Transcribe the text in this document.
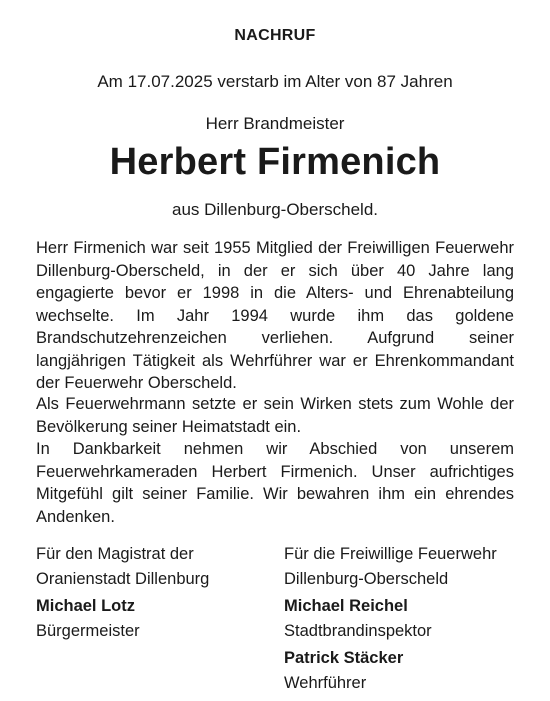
NACHRUF
Am 17.07.2025 verstarb im Alter von 87 Jahren
Herr Brandmeister
Herbert Firmenich
aus Dillenburg-Oberscheld.

Herr Firmenich war seit 1955 Mitglied der Freiwilligen Feuerwehr Dillenburg-Oberscheld, in der er sich über 40 Jahre lang engagierte bevor er 1998 in die Alters- und Ehrenabteilung wechselte. Im Jahr 1994 wurde ihm das goldene Brandschutzehrenzeichen verliehen. Aufgrund seiner langjährigen Tätigkeit als Wehrführer war er Ehrenkommandant der Feuerwehr Oberscheld.

Als Feuerwehrmann setzte er sein Wirken stets zum Wohle der Bevölkerung seiner Heimatstadt ein.

In Dankbarkeit nehmen wir Abschied von unserem Feuerwehrkameraden Herbert Firmenich. Unser aufrichtiges Mitgefühl gilt seiner Familie. Wir bewahren ihm ein ehrendes Andenken.

Für den Magistrat der
Oranienstadt Dillenburg
Michael Lotz
Bürgermeister
Für die Freiwillige Feuerwehr
Dillenburg-Oberscheld
Michael Reichel
Stadtbrandinspektor
Patrick Stäcker
Wehrführer
